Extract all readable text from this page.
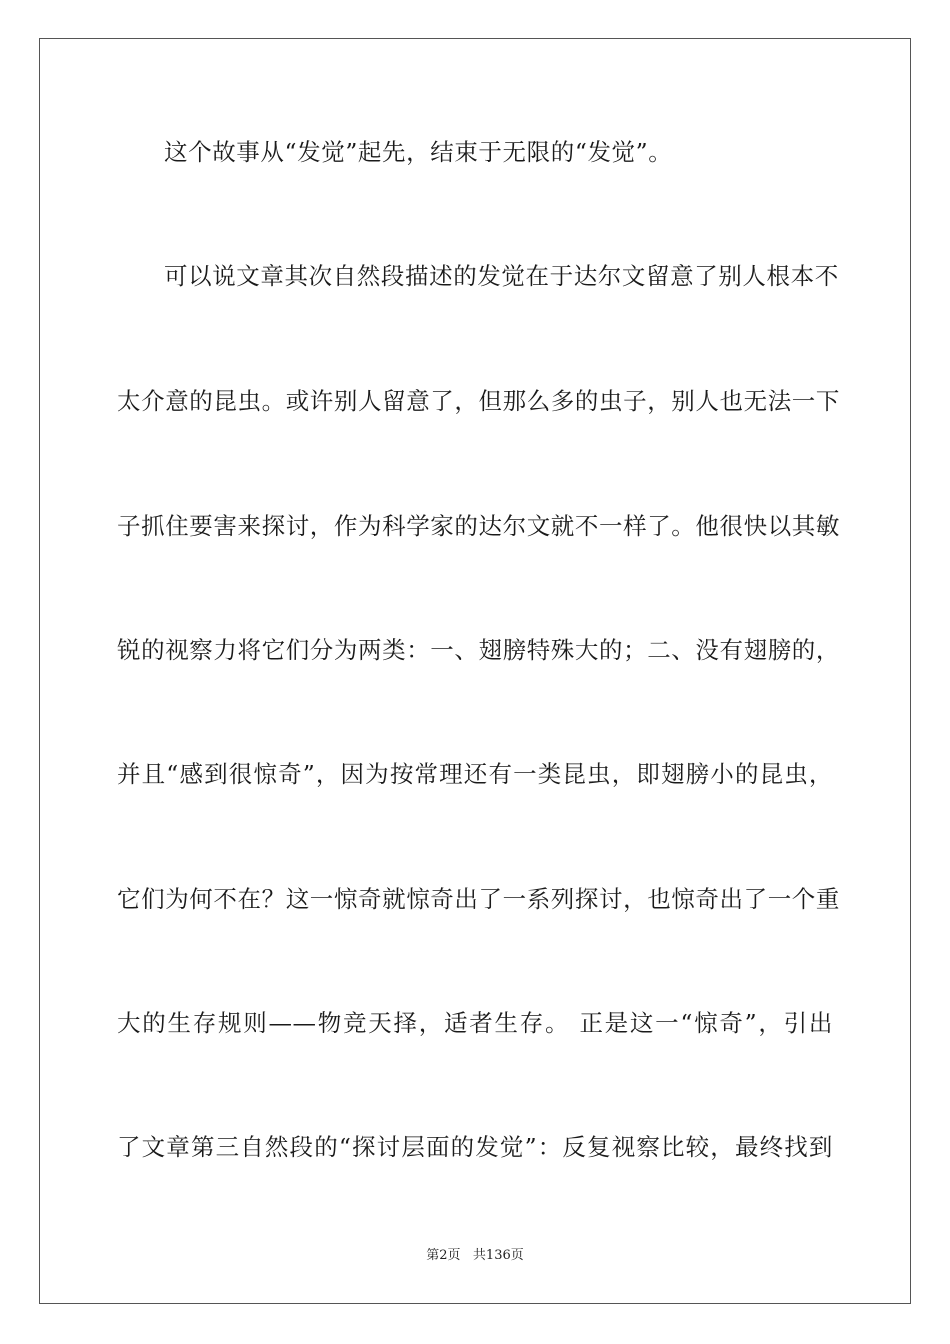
这个故事从“发觉”起先，结束于无限的“发觉”。
可以说文章其次自然段描述的发觉在于达尔文留意了别人根本不
太介意的昆虫。或许别人留意了，但那么多的虫子，别人也无法一下
子抓住要害来探讨，作为科学家的达尔文就不一样了。他很快以其敏
锐的视察力将它们分为两类：一、翅膀特殊大的；二、没有翅膀的，
并且“感到很惊奇”，因为按常理还有一类昆虫，即翅膀小的昆虫，
它们为何不在？这一惊奇就惊奇出了一系列探讨，也惊奇出了一个重
大的生存规则——物竞天择，适者生存。 正是这一“惊奇”，引出
了文章第三自然段的“探讨层面的发觉”：反复视察比较，最终找到
第2页 共136页
